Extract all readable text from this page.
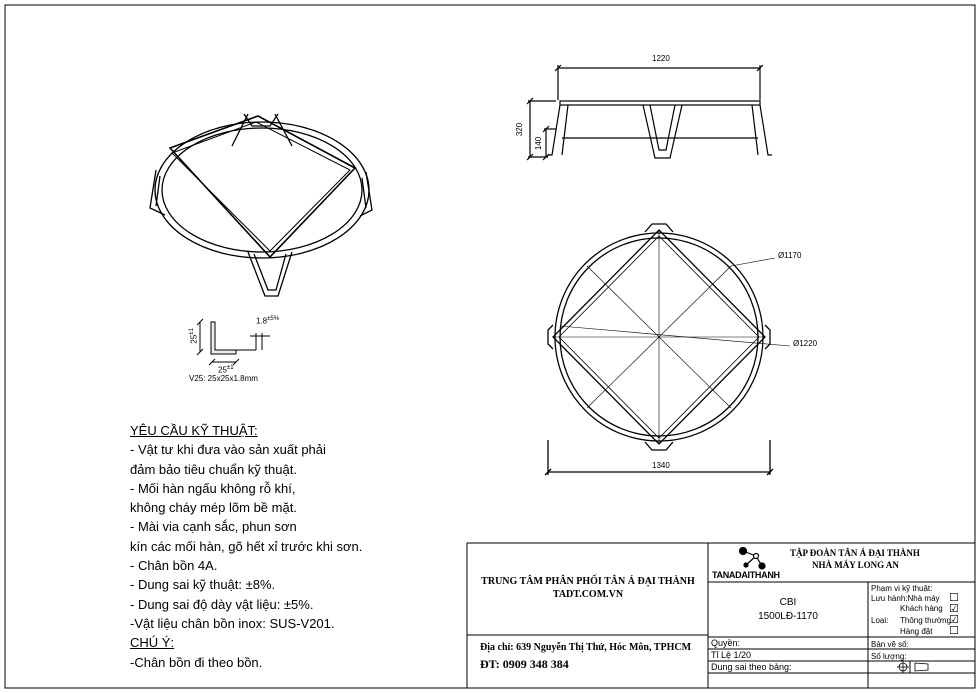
1220
320
140
Ø1170
Ø1220
1340
$25^{\pm 1}$
$25^{\pm 1}$
$1.8^{\pm 5\%}$
V25: 25x25x1.8mm
YÊU CẦU KỸ THUẬT:
- Vật tư khi đưa vào sản xuất phải
đảm bảo tiêu chuẩn kỹ thuật.
- Mối hàn ngấu không rỗ khí,
không cháy mép lõm bề mặt.
- Mài via cạnh sắc, phun sơn
kín các mối hàn, gõ hết xỉ trước khi sơn.
- Chân bồn 4A.
- Dung sai kỹ thuật: ±8%.
- Dung sai độ dày vật liệu: ±5%.
-Vật liệu chân bồn inox: SUS-V201.
CHÚ Ý:
-Chân bồn đi theo bồn.
TRUNG TÂM PHÂN PHỐI TÂN Á ĐẠI THÀNH
TADT.COM.VN
Địa chỉ: 639 Nguyễn Thị Thử, Hóc Môn, TPHCM
ĐT: 0909 348 384
TANADAITHANH
TẬP ĐOÀN TÂN Á ĐẠI THÀNH
NHÀ MÁY LONG AN
CBI
1500LĐ-1170
Quyền:
Tỉ Lệ 1/20
Dung sai theo bảng:
Phạm vi kỹ thuật:
Lưu hành:Nhà máy
Khách hàng
Loại: Thông thường
Hàng đặt
☐
☑
☑
☐
Bản vẽ số:
Số lượng:
